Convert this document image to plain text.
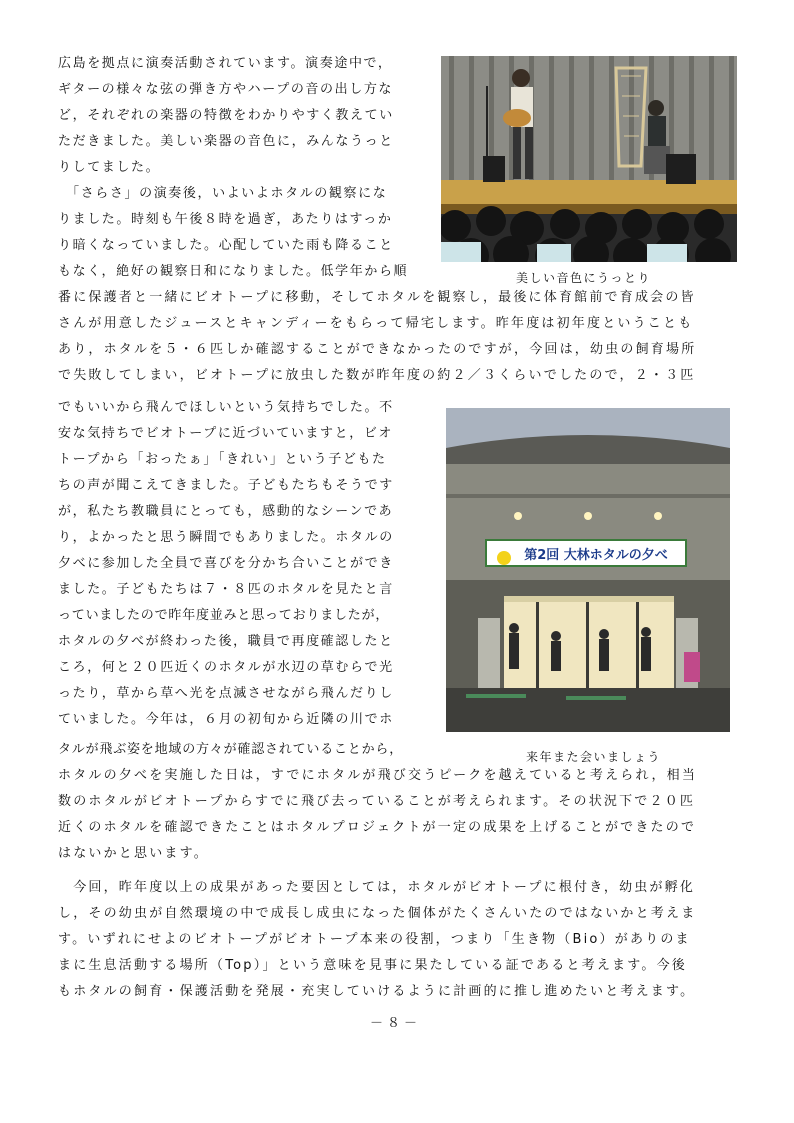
広島を拠点に演奏活動されています。演奏途中で，
ギターの様々な弦の弾き方やハープの音の出し方な
ど，それぞれの楽器の特徴をわかりやすく教えてい
ただきました。美しい楽器の音色に，みんなうっと
りしてました。
　「さらさ」の演奏後，いよいよホタルの観察にな
りました。時刻も午後８時を過ぎ，あたりはすっか
り暗くなっていました。心配していた雨も降ること
もなく，絶好の観察日和になりました。低学年から順
番に保護者と一緒にビオトープに移動，そしてホタルを観察し，最後に体育館前で育成会の皆
さんが用意したジュースとキャンディーをもらって帰宅します。昨年度は初年度ということも
あり，ホタルを５・６匹しか確認することができなかったのですが，今回は，幼虫の飼育場所
で失敗してしまい，ビオトープに放虫した数が昨年度の約２／３くらいでしたので，２・３匹
でもいいから飛んでほしいという気持ちでした。不
安な気持ちでビオトープに近づいていますと，ビオ
トープから「おったぁ」「きれい」という子どもた
ちの声が聞こえてきました。子どもたちもそうです
が，私たち教職員にとっても，感動的なシーンであ
り，よかったと思う瞬間でもありました。ホタルの
夕べに参加した全員で喜びを分かち合いことができ
ました。子どもたちは７・８匹のホタルを見たと言
っていましたので昨年度並みと思っておりましたが，
ホタルの夕べが終わった後，職員で再度確認したと
ころ，何と２０匹近くのホタルが水辺の草むらで光
ったり，草から草へ光を点滅させながら飛んだりし
ていました。今年は，６月の初旬から近隣の川でホ
タルが飛ぶ姿を地域の方々が確認されていることから，
ホタルの夕べを実施した日は，すでにホタルが飛び交うピークを越えていると考えられ，相当
数のホタルがビオトープからすでに飛び去っていることが考えられます。その状況下で２０匹
近くのホタルを確認できたことはホタルプロジェクトが一定の成果を上げることができたので
はないかと思います。
　今回，昨年度以上の成果があった要因としては，ホタルがビオトープに根付き，幼虫が孵化
し，その幼虫が自然環境の中で成長し成虫になった個体がたくさんいたのではないかと考えま
す。いずれにせよのビオトープがビオトープ本来の役割，つまり「生き物（Bio）がありのま
まに生息活動する場所（Top）」という意味を見事に果たしている証であると考えます。今後
もホタルの飼育・保護活動を発展・充実していけるように計画的に推し進めたいと考えます。
美しい音色にうっとり
第2回 大林ホタルの夕べ
来年また会いましょう
－８－
